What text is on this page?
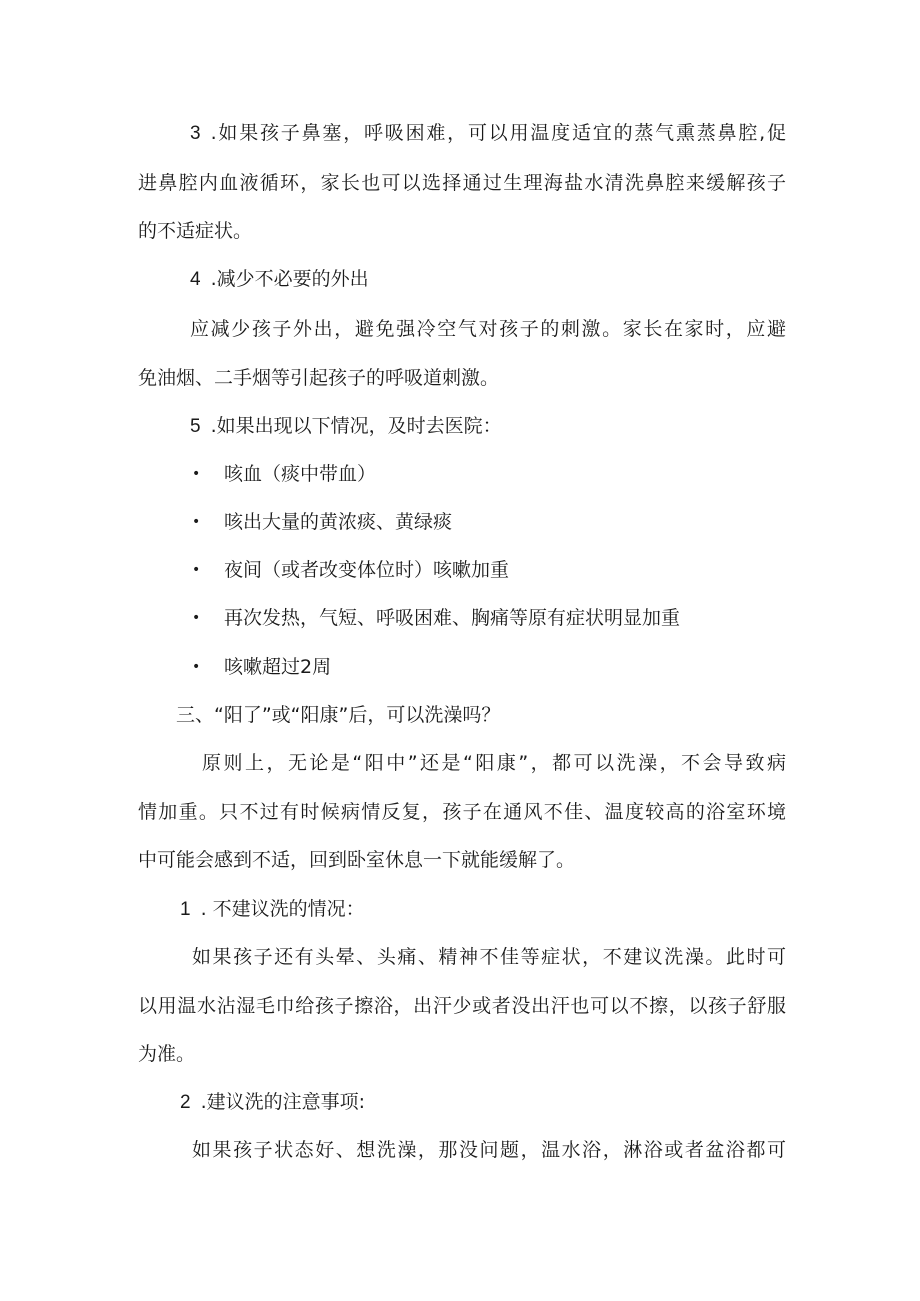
3 .如果孩子鼻塞，呼吸困难，可以用温度适宜的蒸气熏蒸鼻腔,促
进鼻腔内血液循环，家长也可以选择通过生理海盐水清洗鼻腔来缓解孩子
的不适症状。
4 .减少不必要的外出
应减少孩子外出，避免强冷空气对孩子的刺激。家长在家时，应避
免油烟、二手烟等引起孩子的呼吸道刺激。
5 .如果出现以下情况，及时去医院：
• 咳血（痰中带血）
• 咳出大量的黄浓痰、黄绿痰
• 夜间（或者改变体位时）咳嗽加重
• 再次发热，气短、呼吸困难、胸痛等原有症状明显加重
• 咳嗽超过2周
三、“阳了”或“阳康”后，可以洗澡吗？
原则上，无论是“阳中”还是“阳康”，都可以洗澡，不会导致病
情加重。只不过有时候病情反复，孩子在通风不佳、温度较高的浴室环境
中可能会感到不适，回到卧室休息一下就能缓解了。
1 . 不建议洗的情况：
如果孩子还有头晕、头痛、精神不佳等症状，不建议洗澡。此时可
以用温水沾湿毛巾给孩子擦浴，出汗少或者没出汗也可以不擦，以孩子舒服
为准。
2 .建议洗的注意事项:
如果孩子状态好、想洗澡，那没问题，温水浴，淋浴或者盆浴都可
